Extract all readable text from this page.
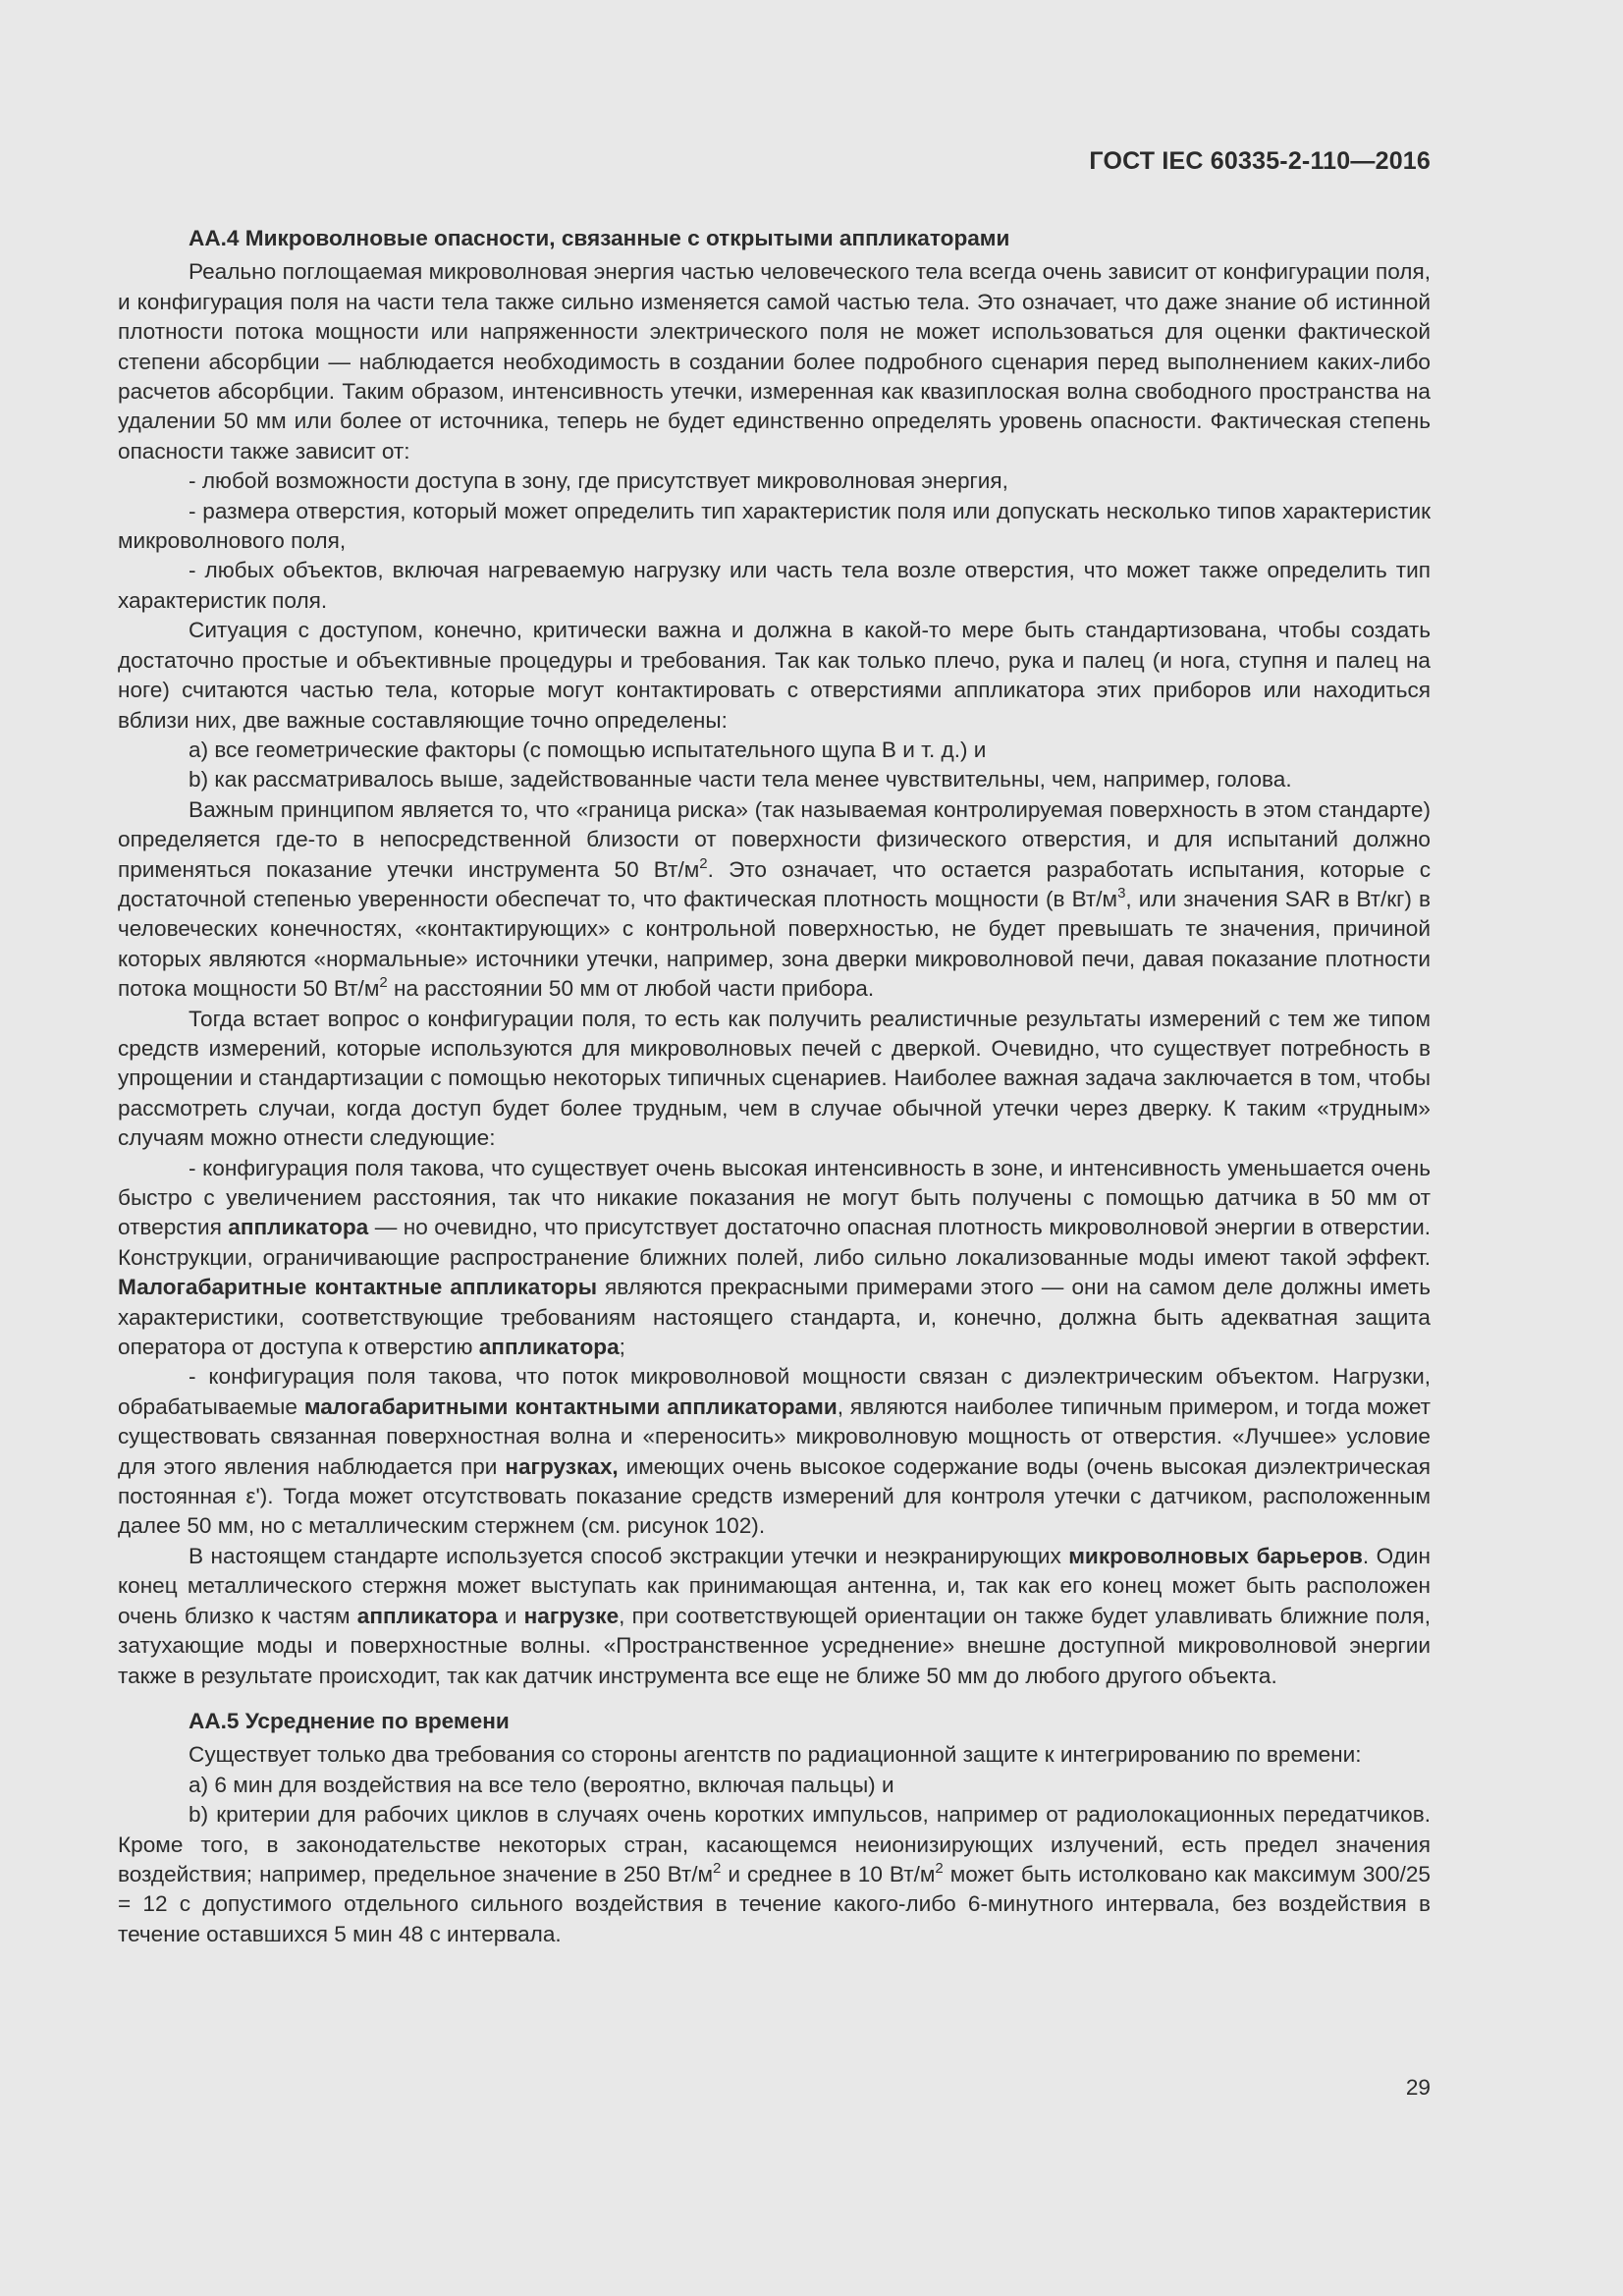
ГОСТ IEC 60335-2-110—2016
АА.4 Микроволновые опасности, связанные с открытыми аппликаторами

Реально поглощаемая микроволновая энергия частью человеческого тела всегда очень зависит от конфигурации поля, и конфигурация поля на части тела также сильно изменяется самой частью тела. Это означает, что даже знание об истинной плотности потока мощности или напряженности электрического поля не может использоваться для оценки фактической степени абсорбции — наблюдается необходимость в создании более подробного сценария перед выполнением каких-либо расчетов абсорбции. Таким образом, интенсивность утечки, измеренная как квазиплоская волна свободного пространства на удалении 50 мм или более от источника, теперь не будет единственно определять уровень опасности. Фактическая степень опасности также зависит от:

- любой возможности доступа в зону, где присутствует микроволновая энергия,

- размера отверстия, который может определить тип характеристик поля или допускать несколько типов характеристик микроволнового поля,

- любых объектов, включая нагреваемую нагрузку или часть тела возле отверстия, что может также определить тип характеристик поля.

Ситуация с доступом, конечно, критически важна и должна в какой-то мере быть стандартизована, чтобы создать достаточно простые и объективные процедуры и требования. Так как только плечо, рука и палец (и нога, ступня и палец на ноге) считаются частью тела, которые могут контактировать с отверстиями аппликатора этих приборов или находиться вблизи них, две важные составляющие точно определены:

a) все геометрические факторы (с помощью испытательного щупа B и т. д.) и

b) как рассматривалось выше, задействованные части тела менее чувствительны, чем, например, голова.

Важным принципом является то, что «граница риска» (так называемая контролируемая поверхность в этом стандарте) определяется где-то в непосредственной близости от поверхности физического отверстия, и для испытаний должно применяться показание утечки инструмента 50 $Вт/м^2$. Это означает, что остается разработать испытания, которые с достаточной степенью уверенности обеспечат то, что фактическая плотность мощности (в $Вт/м^3$, или значения SAR в Вт/кг) в человеческих конечностях, «контактирующих» с контрольной поверхностью, не будет превышать те значения, причиной которых являются «нормальные» источники утечки, например, зона дверки микроволновой печи, давая показание плотности потока мощности 50 $Вт/м^2$ на расстоянии 50 мм от любой части прибора.

Тогда встает вопрос о конфигурации поля, то есть как получить реалистичные результаты измерений с тем же типом средств измерений, которые используются для микроволновых печей с дверкой. Очевидно, что существует потребность в упрощении и стандартизации с помощью некоторых типичных сценариев. Наиболее важная задача заключается в том, чтобы рассмотреть случаи, когда доступ будет более трудным, чем в случае обычной утечки через дверку. К таким «трудным» случаям можно отнести следующие:

- конфигурация поля такова, что существует очень высокая интенсивность в зоне, и интенсивность уменьшается очень быстро с увеличением расстояния, так что никакие показания не могут быть получены с помощью датчика в 50 мм от отверстия аппликатора — но очевидно, что присутствует достаточно опасная плотность микроволновой энергии в отверстии. Конструкции, ограничивающие распространение ближних полей, либо сильно локализованные моды имеют такой эффект. Малогабаритные контактные аппликаторы являются прекрасными примерами этого — они на самом деле должны иметь характеристики, соответствующие требованиям настоящего стандарта, и, конечно, должна быть адекватная защита оператора от доступа к отверстию аппликатора;

- конфигурация поля такова, что поток микроволновой мощности связан с диэлектрическим объектом. Нагрузки, обрабатываемые малогабаритными контактными аппликаторами, являются наиболее типичным примером, и тогда может существовать связанная поверхностная волна и «переносить» микроволновую мощность от отверстия. «Лучшее» условие для этого явления наблюдается при нагрузках, имеющих очень высокое содержание воды (очень высокая диэлектрическая постоянная ε'). Тогда может отсутствовать показание средств измерений для контроля утечки с датчиком, расположенным далее 50 мм, но с металлическим стержнем (см. рисунок 102).

В настоящем стандарте используется способ экстракции утечки и неэкранирующих микроволновых барьеров. Один конец металлического стержня может выступать как принимающая антенна, и, так как его конец может быть расположен очень близко к частям аппликатора и нагрузке, при соответствующей ориентации он также будет улавливать ближние поля, затухающие моды и поверхностные волны. «Пространственное усреднение» внешне доступной микроволновой энергии также в результате происходит, так как датчик инструмента все еще не ближе 50 мм до любого другого объекта.

АА.5 Усреднение по времени

Существует только два требования со стороны агентств по радиационной защите к интегрированию по времени:

a) 6 мин для воздействия на все тело (вероятно, включая пальцы) и

b) критерии для рабочих циклов в случаях очень коротких импульсов, например от радиолокационных передатчиков. Кроме того, в законодательстве некоторых стран, касающемся неионизирующих излучений, есть предел значения воздействия; например, предельное значение в 250 $Вт/м^2$ и среднее в 10 $Вт/м^2$ может быть истолковано как максимум 300/25 = 12 с допустимого отдельного сильного воздействия в течение какого-либо 6-минутного интервала, без воздействия в течение оставшихся 5 мин 48 с интервала.

29
